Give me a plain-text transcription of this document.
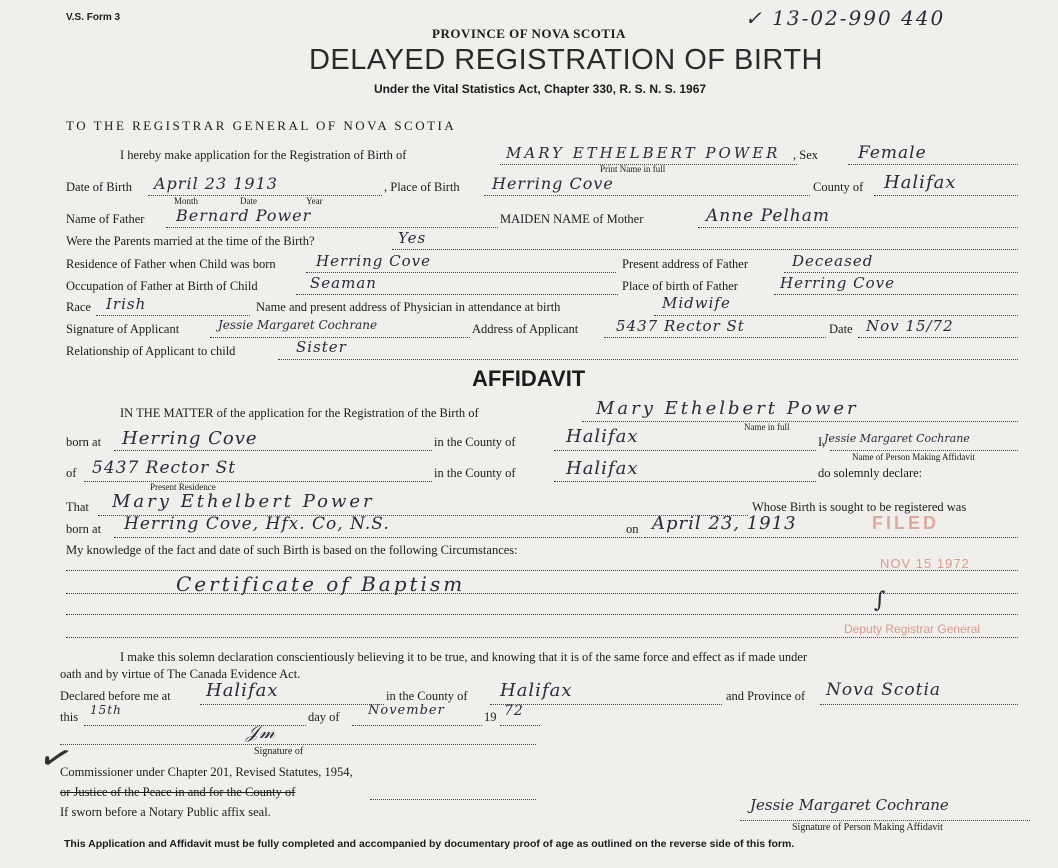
V.S. Form 3	✓ 13-02-990 440
PROVINCE OF NOVA SCOTIA
DELAYED REGISTRATION OF BIRTH
Under the Vital Statistics Act, Chapter 330, R. S. N. S. 1967
TO THE REGISTRAR GENERAL OF NOVA SCOTIA
I hereby make application for the Registration of Birth of	MARY ETHELBERT POWER , Sex Female
Print Name in full
Date of Birth April 23 1913	, Place of Birth Herring Cove	County of Halifax
Month	Date	Year
Name of Father Bernard Power	MAIDEN NAME of Mother	Anne Pelham
Were the Parents married at the time of the Birth?	Yes
Residence of Father when Child was born	Herring Cove	Present address of Father	Deceased
Occupation of Father at Birth of Child	Seaman	Place of birth of Father	Herring Cove
Race Irish	Name and present address of Physician in attendance at birth	Midwife
Signature of Applicant	Jessie Margaret Cochrane	Address of Applicant	5437 Rector St	Date Nov 15/72
Relationship of Applicant to child	Sister
AFFIDAVIT
IN THE MATTER of the application for the Registration of the Birth of	Mary Ethelbert Power
Name in full
born at Herring Cove	in the County of	Halifax	I,
Jessie Margaret Cochrane
Name of Person Making Affidavit
of 5437 Rector St	in the County of	Halifax	do solemnly declare:
Present Residence
That Mary Ethelbert Power	Whose Birth is sought to be registered was
born at Herring Cove, Hfx. Co, N.S.	on April 23, 1913	FILED
My knowledge of the fact and date of such Birth is based on the following Circumstances:
NOV 15 1972
Certificate of Baptism
∫
Deputy Registrar General
I make this solemn declaration conscientiously believing it to be true, and knowing that it is of the same force and effect as if made under
oath and by virtue of The Canada Evidence Act.
Declared before me at Halifax	in the County of Halifax	and Province of Nova Scotia
this 15th	day of November	19 72
𝒥𝓂
Signature of
Commissioner under Chapter 201, Revised Statutes, 1954,
or Justice of the Peace in and for the County of
If sworn before a Notary Public affix seal.
✓
Jessie Margaret Cochrane
Signature of Person Making Affidavit
This Application and Affidavit must be fully completed and accompanied by documentary proof of age as outlined on the reverse side of this form.
